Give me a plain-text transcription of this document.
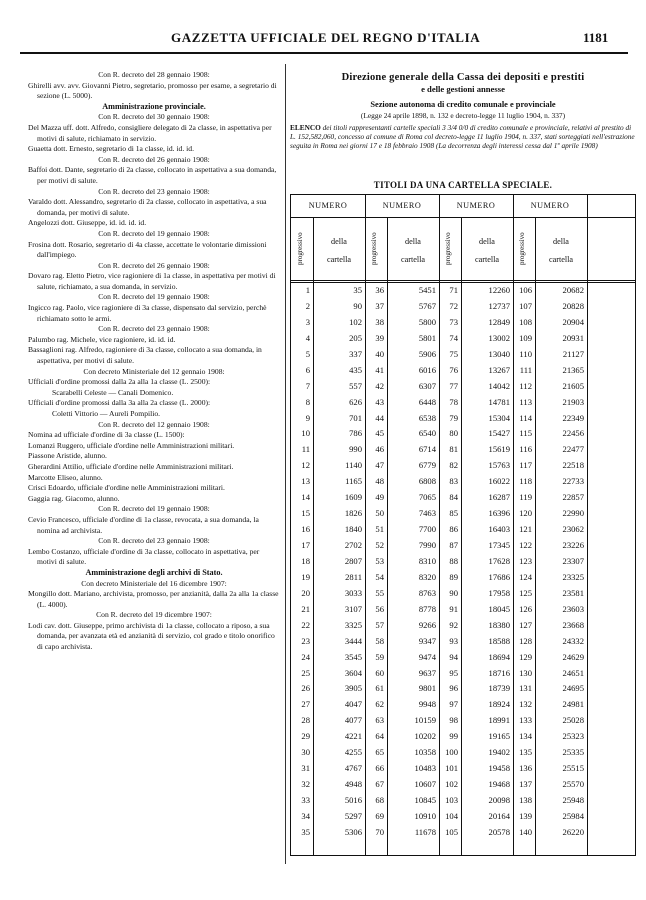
GAZZETTA UFFICIALE DEL REGNO D'ITALIA	1181

Con R. decreto del 28 gennaio 1908:

Ghirelli avv. avv. Giovanni Pietro, segretario, promosso per esame, a segretario di sezione (L. 5000).

Amministrazione provinciale.

Con R. decreto del 30 gennaio 1908:

Del Mazza uff. dott. Alfredo, consigliere delegato di 2a classe, in aspettativa per motivi di salute, richiamato in servizio.

Guaetta dott. Ernesto, segretario di 1a classe, id. id. id.

Con R. decreto del 26 gennaio 1908:

Baffoi dott. Dante, segretario di 2a classe, collocato in aspettativa a sua domanda, per motivi di salute.

Con R. decreto del 23 gennaio 1908:

Varaldo dott. Alessandro, segretario di 2a classe, collocato in aspettativa, a sua domanda, per motivi di salute.

Angelozzi dott. Giuseppe, id. id. id. id.

Con R. decreto del 19 gennaio 1908:

Frosina dott. Rosario, segretario di 4a classe, accettate le volontarie dimissioni dall'impiego.

Con R. decreto del 26 gennaio 1908:

Dovaro rag. Eletto Pietro, vice ragioniere di 1a classe, in aspettativa per motivi di salute, richiamato, a sua domanda, in servizio.

Con R. decreto del 19 gennaio 1908:

Ingicco rag. Paolo, vice ragioniere di 3a classe, dispensato dal servizio, perchè richiamato sotto le armi.

Con R. decreto del 23 gennaio 1908:

Palumbo rag. Michele, vice ragioniere, id. id. id.

Bassaglioni rag. Alfredo, ragioniere di 3a classe, collocato a sua domanda, in aspettativa, per motivi di salute.

Con decreto Ministeriale del 12 gennaio 1908:

Ufficiali d'ordine promossi dalla 2a alla 1a classe (L. 2500):

Scarabelli Celeste — Canali Domenico.

Ufficiali d'ordine promossi dalla 3a alla 2a classe (L. 2000):

Coletti Vittorio — Aureli Pompilio.

Con R. decreto del 12 gennaio 1908:

Nomina ad ufficiale d'ordine di 3a classe (L. 1500):

Lomanzi Ruggero, ufficiale d'ordine nelle Amministrazioni militari.

Piassone Aristide, alunno.

Gherardini Attilio, ufficiale d'ordine nelle Amministrazioni militari.

Marcotte Eliseo, alunno.

Crisci Edoardo, ufficiale d'ordine nelle Amministrazioni militari.

Gaggia rag. Giacomo, alunno.

Con R. decreto del 19 gennaio 1908:

Cevio Francesco, ufficiale d'ordine di 1a classe, revocata, a sua domanda, la nomina ad archivista.

Con R. decreto del 23 gennaio 1908:

Lembo Costanzo, ufficiale d'ordine di 3a classe, collocato in aspettativa, per motivi di salute.

Amministrazione degli archivi di Stato.

Con decreto Ministeriale del 16 dicembre 1907:

Mongillo dott. Mariano, archivista, promosso, per anzianità, dalla 2a alla 1a classe (L. 4000).

Con R. decreto del 19 dicembre 1907:

Lodi cav. dott. Giuseppe, primo archivista di 1a classe, collocato a riposo, a sua domanda, per avanzata età ed anzianità di servizio, col grado e titolo onorifico di capo archivista.

Direzione generale della Cassa dei depositi e prestiti
e delle gestioni annesse
Sezione autonoma di credito comunale e provinciale
(Legge 24 aprile 1898, n. 132 e decreto-legge 11 luglio 1904, n. 337)
ELENCO dei titoli rappresentanti cartelle speciali 3 3/4 0/0 di credito comunale e provinciale, relativi al prestito di L. 152,582,060, concesso al comune di Roma col decreto-legge 11 luglio 1904, n. 337, stati sorteggiati nell'estrazione seguita in Roma nei giorni 17 e 18 febbraio 1908 (La decorrenza degli interessi cessa dal 1º aprile 1908)
TITOLI DA UNA CARTELLA SPECIALE.
1	35	36	5451	71	12260	106	20682
2	90	37	5767	72	12737	107	20828
3	102	38	5800	73	12849	108	20904
4	205	39	5801	74	13002	109	20931
5	337	40	5906	75	13040	110	21127
6	435	41	6016	76	13267	111	21365
7	557	42	6307	77	14042	112	21605
8	626	43	6448	78	14781	113	21903
9	701	44	6538	79	15304	114	22349
10	786	45	6540	80	15427	115	22456
11	990	46	6714	81	15619	116	22477
12	1140	47	6779	82	15763	117	22518
13	1165	48	6808	83	16022	118	22733
14	1609	49	7065	84	16287	119	22857
15	1826	50	7463	85	16396	120	22990
16	1840	51	7700	86	16403	121	23062
17	2702	52	7990	87	17345	122	23226
18	2807	53	8310	88	17628	123	23307
19	2811	54	8320	89	17686	124	23325
20	3033	55	8763	90	17958	125	23581
21	3107	56	8778	91	18045	126	23603
22	3325	57	9266	92	18380	127	23668
23	3444	58	9347	93	18588	128	24332
24	3545	59	9474	94	18694	129	24629
25	3604	60	9637	95	18716	130	24651
26	3905	61	9801	96	18739	131	24695
27	4047	62	9948	97	18924	132	24981
28	4077	63	10159	98	18991	133	25028
29	4221	64	10202	99	19165	134	25323
30	4255	65	10358	100	19402	135	25335
31	4767	66	10483	101	19458	136	25515
32	4948	67	10607	102	19468	137	25570
33	5016	68	10845	103	20098	138	25948
34	5297	69	10910	104	20164	139	25984
35	5306	70	11678	105	20578	140	26220
NUMERO
progressivo	della
cartella
NUMERO
progressivo	della
cartella
NUMERO
progressivo	della
cartella
NUMERO
progressivo	della
cartella
